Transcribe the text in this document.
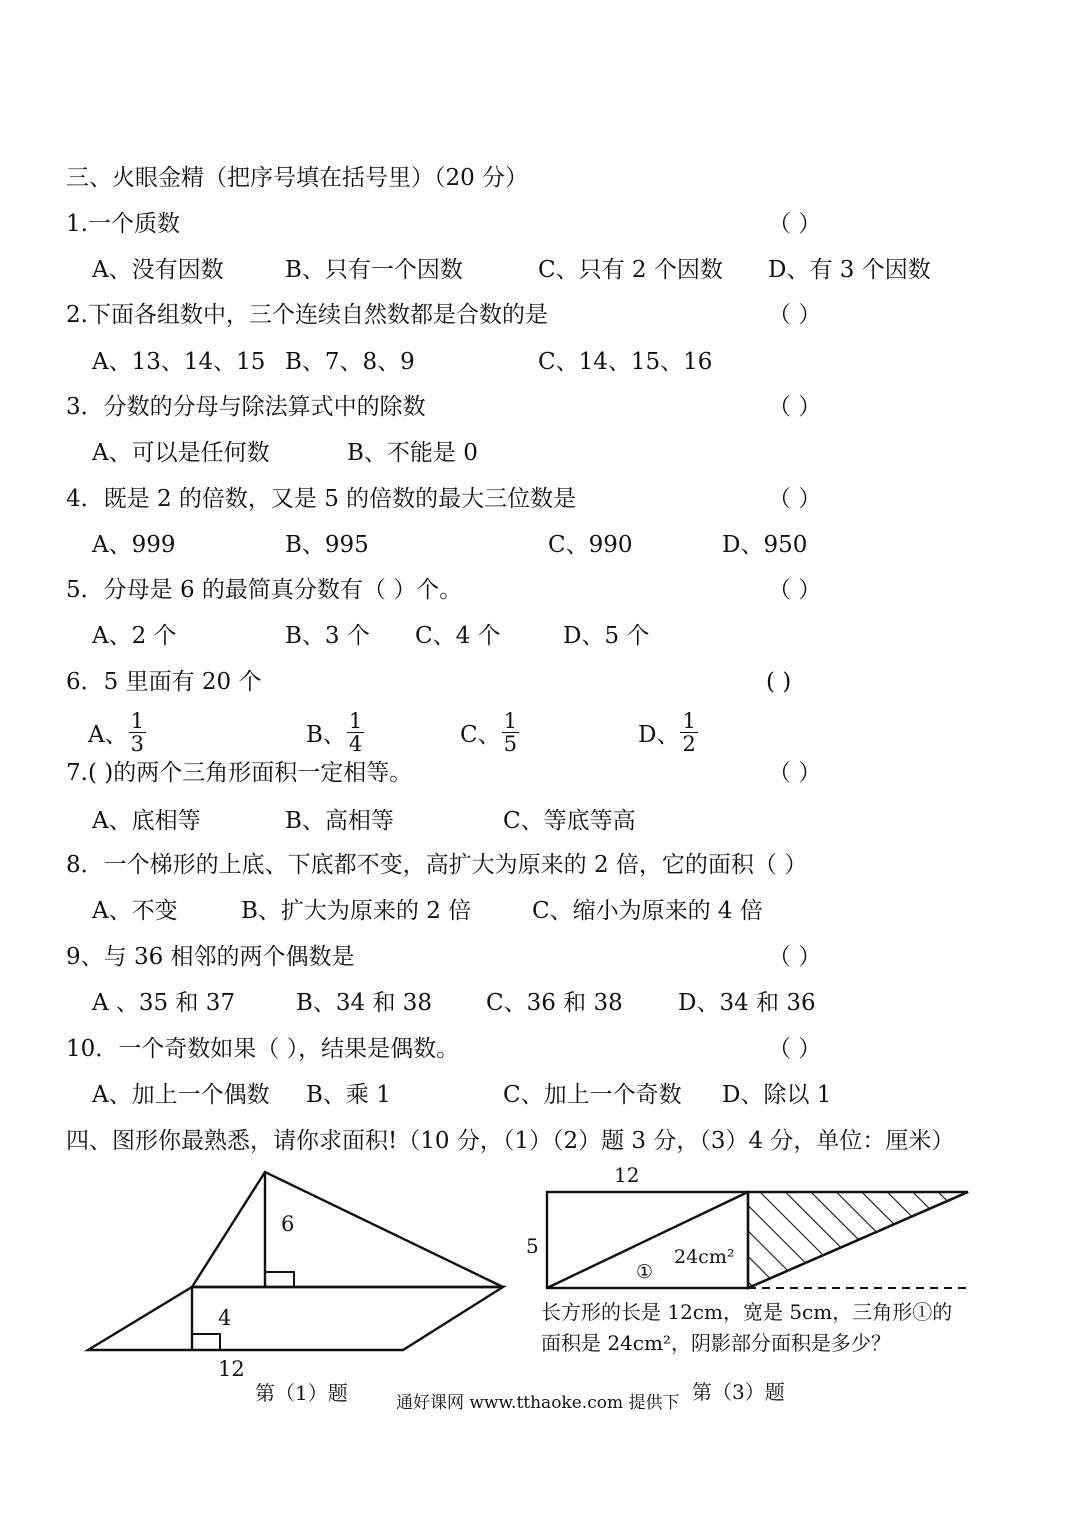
三、火眼金精（把序号填在括号里）（20 分）
1.一个质数	（ ）
A、没有因数	B、只有一个因数	C、只有 2 个因数 D、有 3 个因数
2.下面各组数中，三个连续自然数都是合数的是	（ ）
A、13、14、15 B、7、8、9	C、14、15、16
3．分数的分母与除法算式中的除数	（ ）
A、可以是任何数	B、不能是 0
4．既是 2 的倍数，又是 5 的倍数的最大三位数是	（ ）
A、999	B、995	C、990	D、950
5．分母是 6 的最简真分数有（ ）个。	（ ）
A、2 个	B、3 个 C、4 个	D、5 个
6．5 里面有 20 个	( )
A、 $\frac{1}{3}$	B、 $\frac{1}{4}$	C、 $\frac{1}{5}$	D、 $\frac{1}{2}$
7.( )的两个三角形面积一定相等。	（ ）
A、底相等	B、高相等	C、等底等高
8．一个梯形的上底、下底都不变，高扩大为原来的 2 倍，它的面积（ ）
A、不变	B、扩大为原来的 2 倍	C、缩小为原来的 4 倍
9、与 36 相邻的两个偶数是	（ ）
A 、35 和 37	B、34 和 38 C、36 和 38 D、34 和 36
10．一个奇数如果（ ），结果是偶数。	（ ）
A、加上一个偶数 B、乘 1	C、加上一个奇数 D、除以 1
四、图形你最熟悉，请你求面积!（10 分，（1）（2）题 3 分，（3）4 分，单位：厘米）
6
4
12
第（1）题
12
5
①
24cm²
长方形的长是 12cm，宽是 5cm，三角形①的
面积是 24cm²，阴影部分面积是多少？
第（3）题
通好课网 www.tthaoke.com 提供下
